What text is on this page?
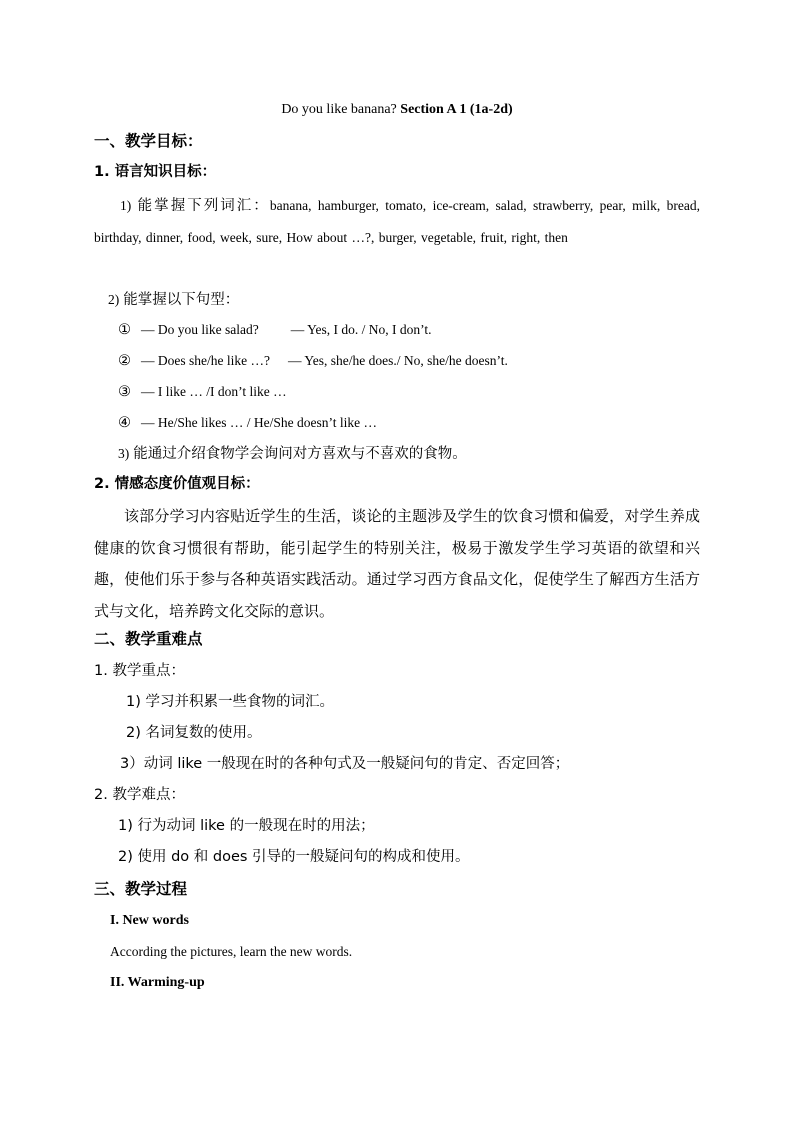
Do you like banana? Section A 1 (1a-2d)
一、教学目标：
1. 语言知识目标：
1) 能掌握下列词汇：banana, hamburger, tomato, ice-cream, salad, strawberry, pear, milk, bread, birthday, dinner, food, week, sure, How about …?, burger, vegetable, fruit, right, then
2) 能掌握以下句型：
① — Do you like salad? — Yes, I do. / No, I don’t.
② — Does she/he like …? — Yes, she/he does./ No, she/he doesn’t.
③ — I like … /I don’t like …
④ — He/She likes … / He/She doesn’t like …
3) 能通过介绍食物学会询问对方喜欢与不喜欢的食物。
2. 情感态度价值观目标：
该部分学习内容贴近学生的生活，谈论的主题涉及学生的饮食习惯和偏爱，对学生养成健康的饮食习惯很有帮助，能引起学生的特别关注，极易于激发学生学习英语的欲望和兴趣，使他们乐于参与各种英语实践活动。通过学习西方食品文化，促使学生了解西方生活方式与文化，培养跨文化交际的意识。
二、教学重难点
1. 教学重点：
1) 学习并积累一些食物的词汇。
2) 名词复数的使用。
3）动词 like 一般现在时的各种句式及一般疑问句的肯定、否定回答；
2. 教学难点：
1) 行为动词 like 的一般现在时的用法；
2) 使用 do 和 does 引导的一般疑问句的构成和使用。
三、教学过程
I. New words
According the pictures, learn the new words.
II. Warming-up
